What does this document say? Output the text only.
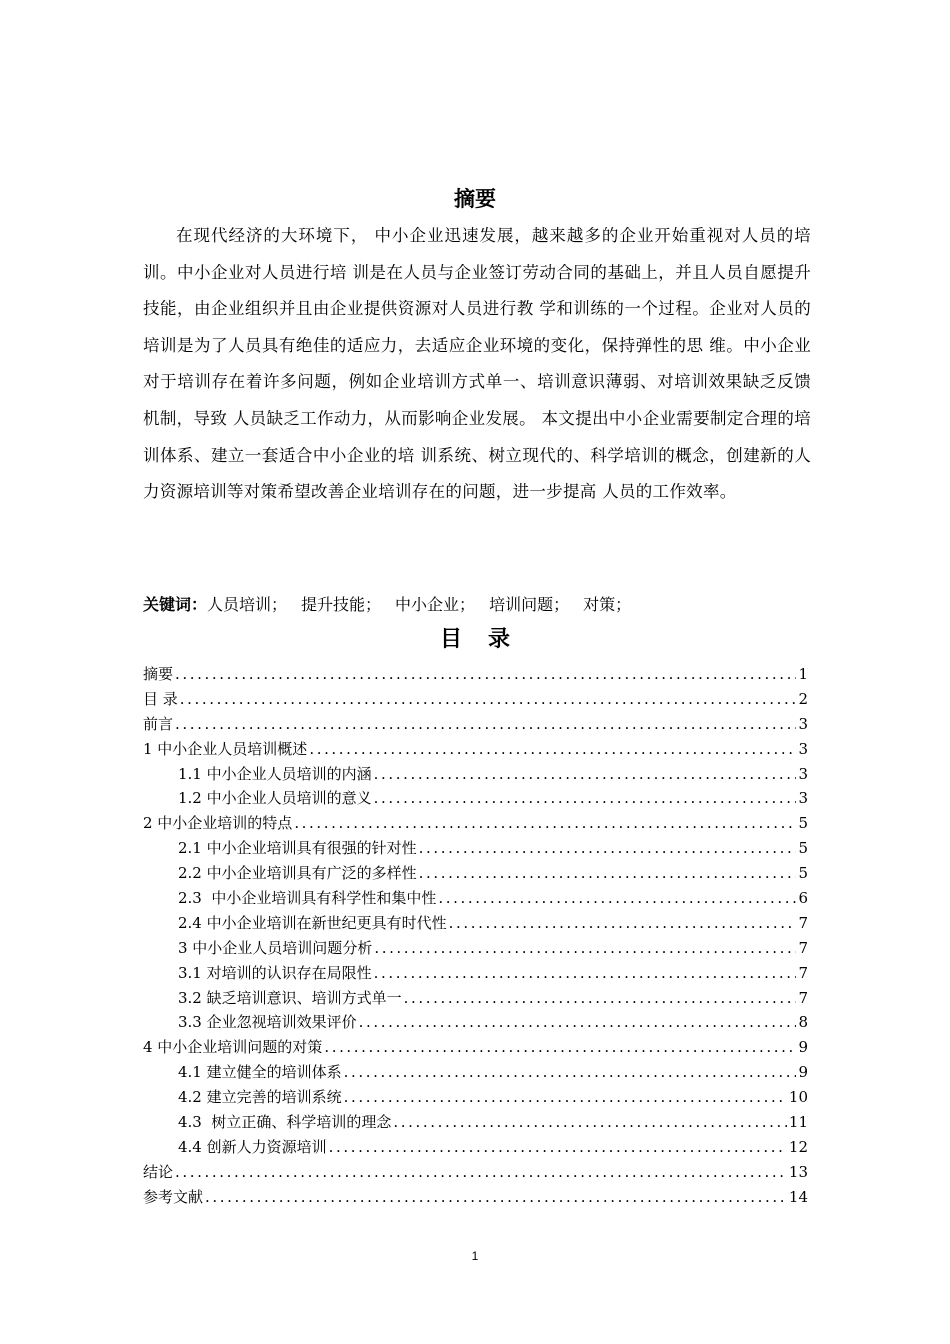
摘要

在现代经济的大环境下， 中小企业迅速发展，越来越多的企业开始重视对人员的培训。中小企业对人员进行培 训是在人员与企业签订劳动合同的基础上，并且人员自愿提升技能，由企业组织并且由企业提供资源对人员进行教 学和训练的一个过程。企业对人员的培训是为了人员具有绝佳的适应力，去适应企业环境的变化，保持弹性的思 维。中小企业对于培训存在着许多问题，例如企业培训方式单一、培训意识薄弱、对培训效果缺乏反馈机制，导致 人员缺乏工作动力，从而影响企业发展。 本文提出中小企业需要制定合理的培训体系、建立一套适合中小企业的培 训系统、树立现代的、科学培训的概念，创建新的人力资源培训等对策希望改善企业培训存在的问题，进一步提高 人员的工作效率。

关键词：人员培训； 提升技能； 中小企业； 培训问题； 对策；

目录
摘要 .....	1
目 录 .....	2
前言 .....	3
1 中小企业人员培训概述 .....	3
1.1 中小企业人员培训的内涵 .....	3
1.2 中小企业人员培训的意义 .....	3
2 中小企业培训的特点 .....	5
2.1 中小企业培训具有很强的针对性 .....	5
2.2 中小企业培训具有广泛的多样性 .....	5
2.3  中小企业培训具有科学性和集中性 .....	6
2.4 中小企业培训在新世纪更具有时代性 .....	7
3 中小企业人员培训问题分析 .....	7
3.1 对培训的认识存在局限性 .....	7
3.2 缺乏培训意识、培训方式单一 .....	7
3.3 企业忽视培训效果评价 .....	8
4 中小企业培训问题的对策 .....	9
4.1 建立健全的培训体系 .....	9
4.2 建立完善的培训系统 .....	10
4.3  树立正确、科学培训的理念 .....	11
4.4 创新人力资源培训 .....	12
结论 .....	13
参考文献 .....	14

1
